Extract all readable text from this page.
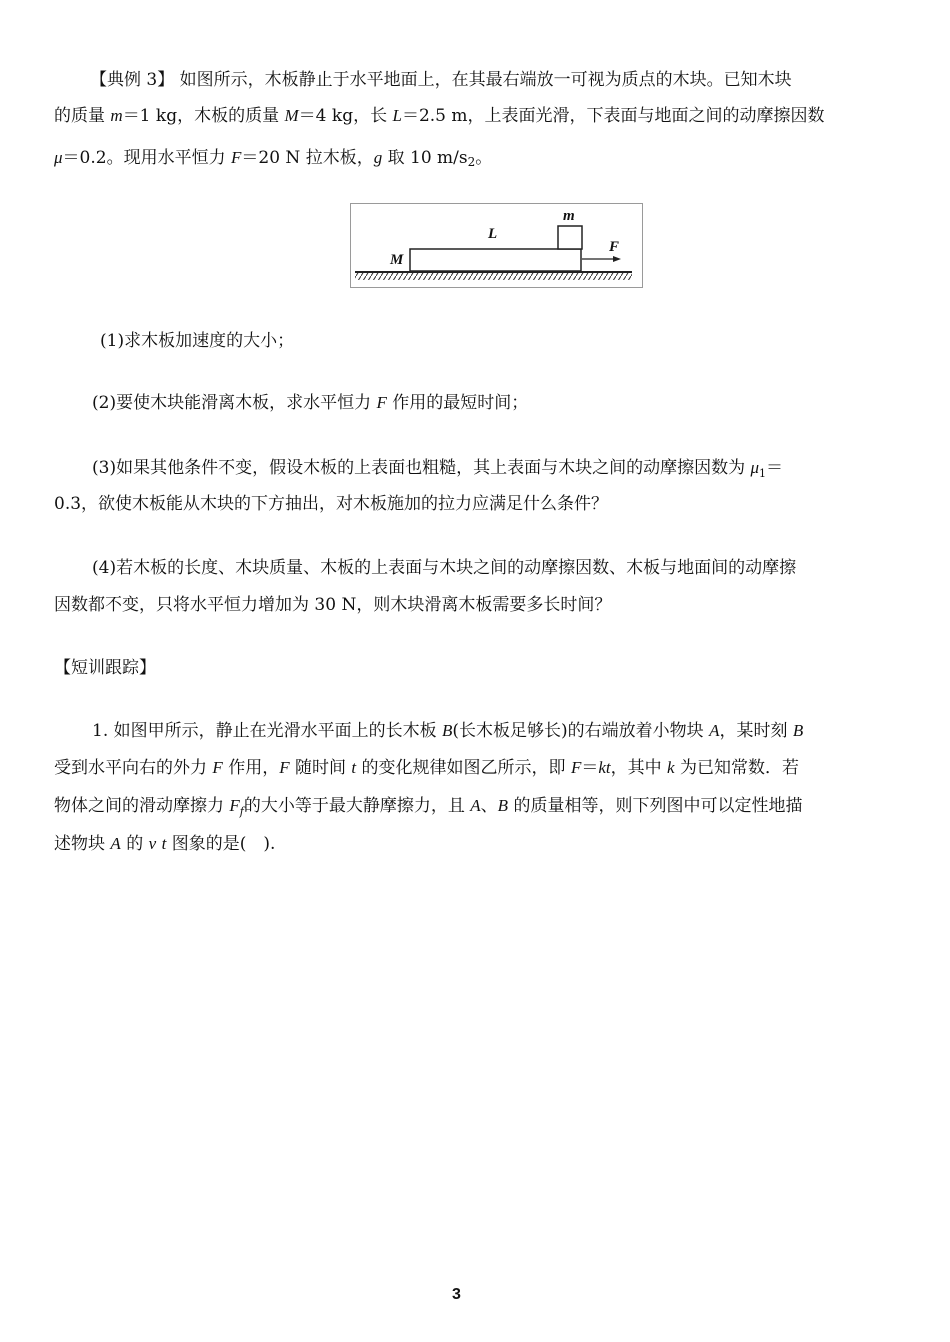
【典例 3】 如图所示，木板静止于水平地面上，在其最右端放一可视为质点的木块。已知木块
的质量 m＝1 kg，木板的质量 M＝4 kg，长 L＝2.5 m，上表面光滑，下表面与地面之间的动摩擦因数
μ＝0.2。现用水平恒力 F＝20 N 拉木板，g 取 10 m/s2。
M
L
m
F
(1)求木板加速度的大小；
(2)要使木块能滑离木板，求水平恒力 F 作用的最短时间；
(3)如果其他条件不变，假设木板的上表面也粗糙，其上表面与木块之间的动摩擦因数为 $\mu_1=$
0.3，欲使木板能从木块的下方抽出，对木板施加的拉力应满足什么条件？
(4)若木板的长度、木块质量、木板的上表面与木块之间的动摩擦因数、木板与地面间的动摩擦
因数都不变，只将水平恒力增加为 30 N，则木块滑离木板需要多长时间？
【短训跟踪】
1. 如图甲所示，静止在光滑水平面上的长木板 B(长木板足够长)的右端放着小物块 A，某时刻 B
受到水平向右的外力 F 作用，F 随时间 t 的变化规律如图乙所示，即 F＝kt，其中 k 为已知常数．若
物体之间的滑动摩擦力 $F_f$的大小等于最大静摩擦力，且 A、B 的质量相等，则下列图中可以定性地描
述物块 A 的 v t 图象的是(　).
3
